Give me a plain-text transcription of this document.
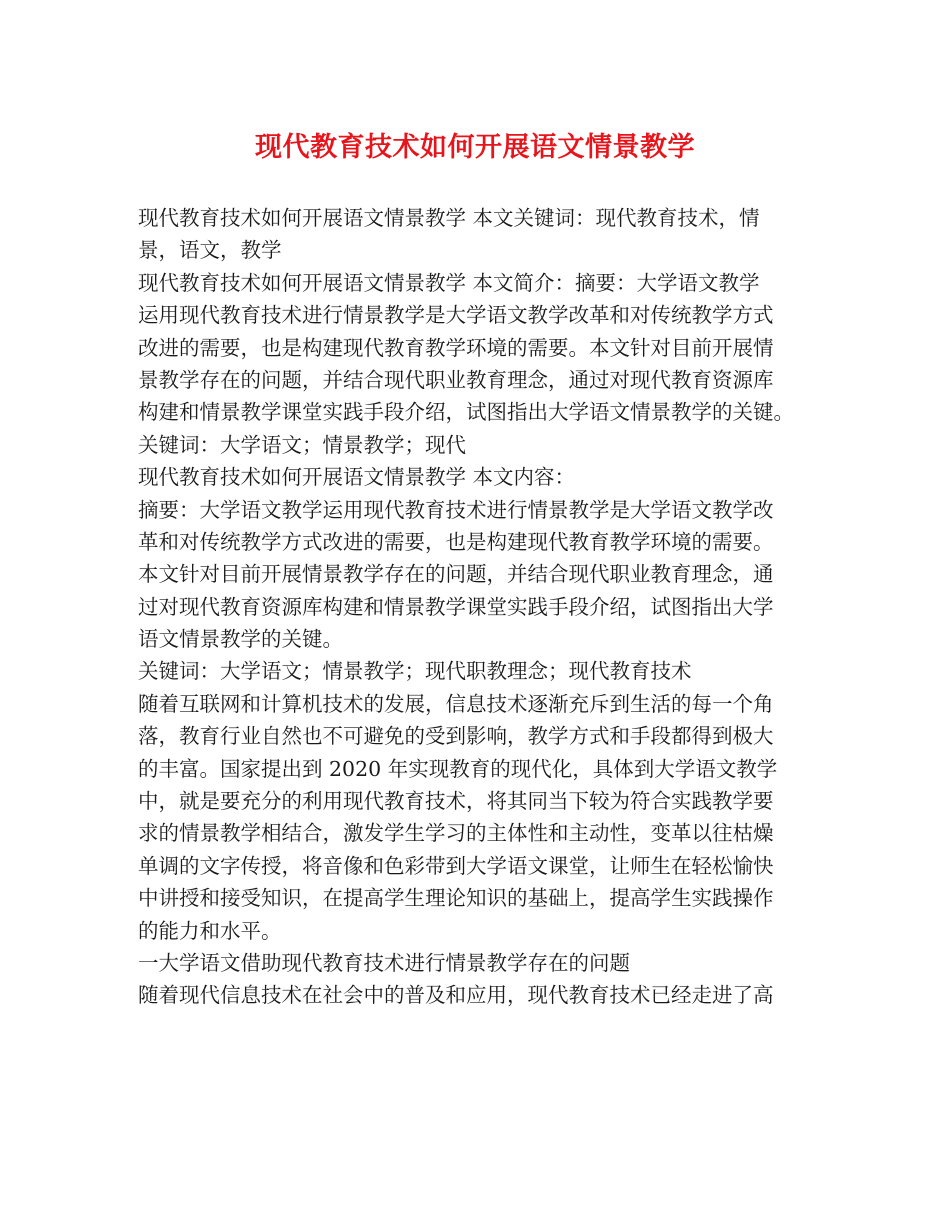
现代教育技术如何开展语文情景教学
现代教育技术如何开展语文情景教学 本文关键词：现代教育技术，情
景，语文，教学
现代教育技术如何开展语文情景教学 本文简介：摘要：大学语文教学
运用现代教育技术进行情景教学是大学语文教学改革和对传统教学方式
改进的需要，也是构建现代教育教学环境的需要。本文针对目前开展情
景教学存在的问题，并结合现代职业教育理念，通过对现代教育资源库
构建和情景教学课堂实践手段介绍，试图指出大学语文情景教学的关键。
关键词：大学语文；情景教学；现代
现代教育技术如何开展语文情景教学 本文内容：
摘要：大学语文教学运用现代教育技术进行情景教学是大学语文教学改
革和对传统教学方式改进的需要，也是构建现代教育教学环境的需要。
本文针对目前开展情景教学存在的问题，并结合现代职业教育理念，通
过对现代教育资源库构建和情景教学课堂实践手段介绍，试图指出大学
语文情景教学的关键。
关键词：大学语文；情景教学；现代职教理念；现代教育技术
随着互联网和计算机技术的发展，信息技术逐渐充斥到生活的每一个角
落，教育行业自然也不可避免的受到影响，教学方式和手段都得到极大
的丰富。国家提出到 2020 年实现教育的现代化，具体到大学语文教学
中，就是要充分的利用现代教育技术，将其同当下较为符合实践教学要
求的情景教学相结合，激发学生学习的主体性和主动性，变革以往枯燥
单调的文字传授，将音像和色彩带到大学语文课堂，让师生在轻松愉快
中讲授和接受知识，在提高学生理论知识的基础上，提高学生实践操作
的能力和水平。
一大学语文借助现代教育技术进行情景教学存在的问题
随着现代信息技术在社会中的普及和应用，现代教育技术已经走进了高
